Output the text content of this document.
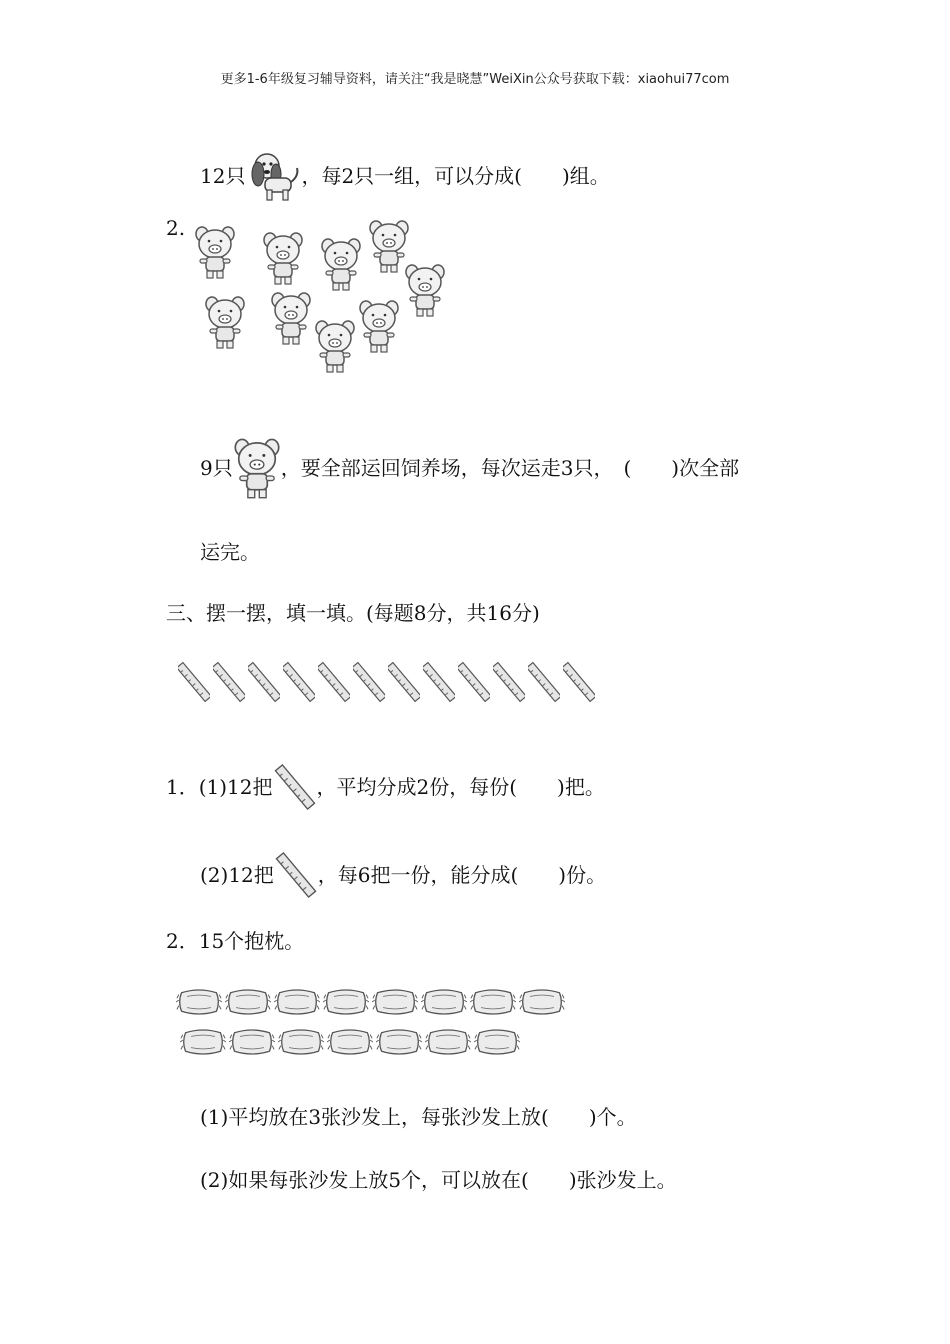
更多1-6年级复习辅导资料，请关注“我是晓慧”WeiXin公众号获取下载：xiaohui77com
12只	，每2只一组，可以分成(　　)组。
2.
9只 ，要全部运回饲养场，每次运走3只，　(　　)次全部
运完。
三、摆一摆，填一填。(每题8分，共16分)
1．(1)12把 ，平均分成2份，每份(　　)把。
(2)12把 ，每6把一份，能分成(　　)份。
2．15个抱枕。
(1)平均放在3张沙发上，每张沙发上放(　　)个。
(2)如果每张沙发上放5个，可以放在(　　)张沙发上。
